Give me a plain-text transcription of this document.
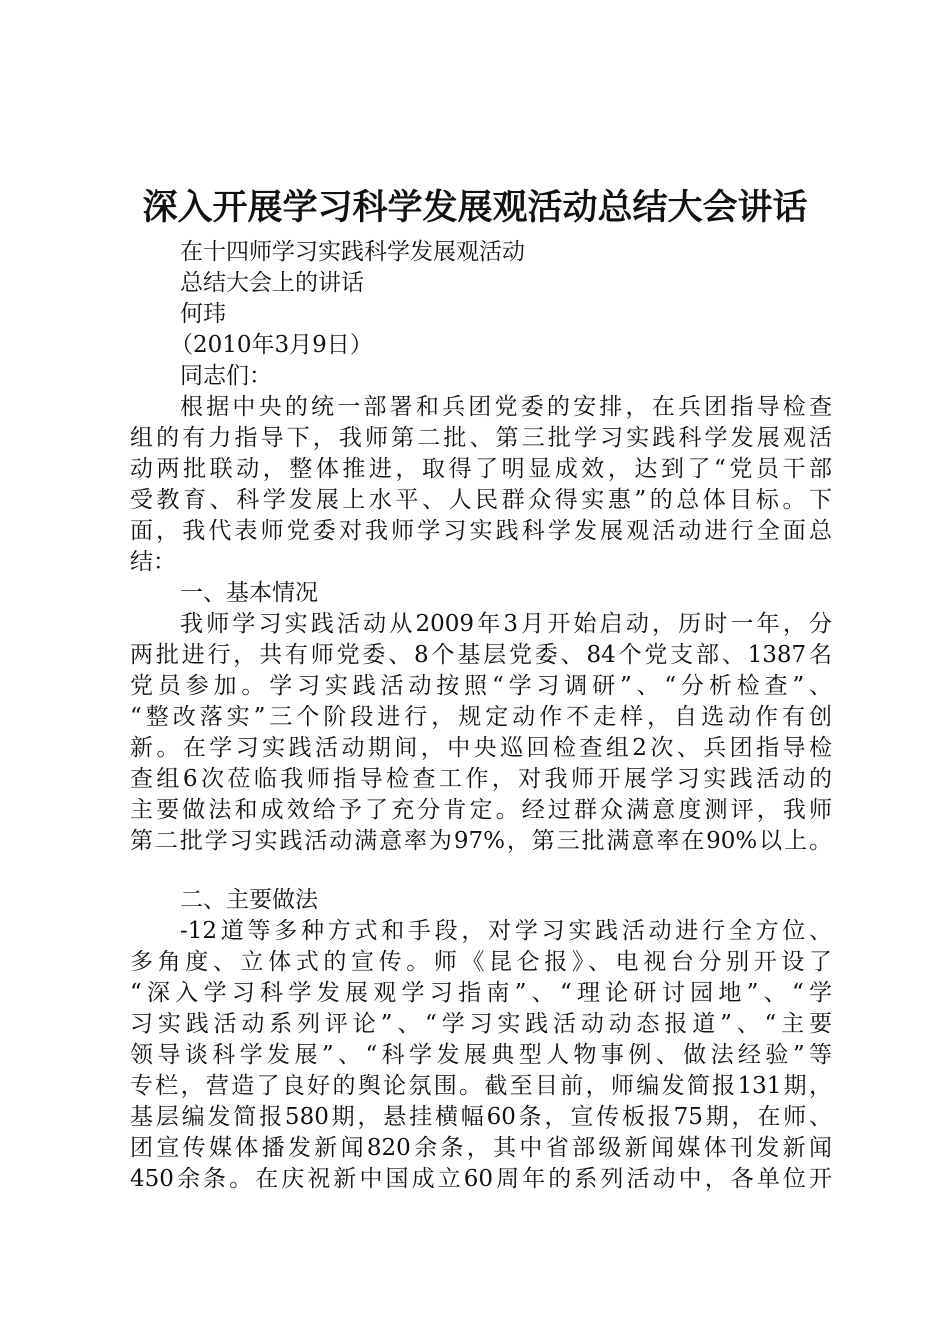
深入开展学习科学发展观活动总结大会讲话

在十四师学习实践科学发展观活动

总结大会上的讲话

何玮

（2010年3月9日）

同志们：

根据中央的统一部署和兵团党委的安排，在兵团指导检查

组的有力指导下，我师第二批、第三批学习实践科学发展观活

动两批联动，整体推进，取得了明显成效，达到了“党员干部

受教育、科学发展上水平、人民群众得实惠”的总体目标。下

面，我代表师党委对我师学习实践科学发展观活动进行全面总

结：

一、基本情况

我师学习实践活动从2009年3月开始启动，历时一年，分

两批进行，共有师党委、8个基层党委、84个党支部、1387名

党员参加。学习实践活动按照“学习调研”、“分析检查”、

“整改落实”三个阶段进行，规定动作不走样，自选动作有创

新。在学习实践活动期间，中央巡回检查组2次、兵团指导检

查组6次莅临我师指导检查工作，对我师开展学习实践活动的

主要做法和成效给予了充分肯定。经过群众满意度测评，我师

第二批学习实践活动满意率为97%，第三批满意率在90%以上。

二、主要做法

-12道等多种方式和手段，对学习实践活动进行全方位、

多角度、立体式的宣传。师《昆仑报》、电视台分别开设了

“深入学习科学发展观学习指南”、“理论研讨园地”、“学

习实践活动系列评论”、“学习实践活动动态报道”、“主要

领导谈科学发展”、“科学发展典型人物事例、做法经验”等

专栏，营造了良好的舆论氛围。截至目前，师编发简报131期，

基层编发简报580期，悬挂横幅60条，宣传板报75期，在师、

团宣传媒体播发新闻820余条，其中省部级新闻媒体刊发新闻

450余条。在庆祝新中国成立60周年的系列活动中，各单位开
